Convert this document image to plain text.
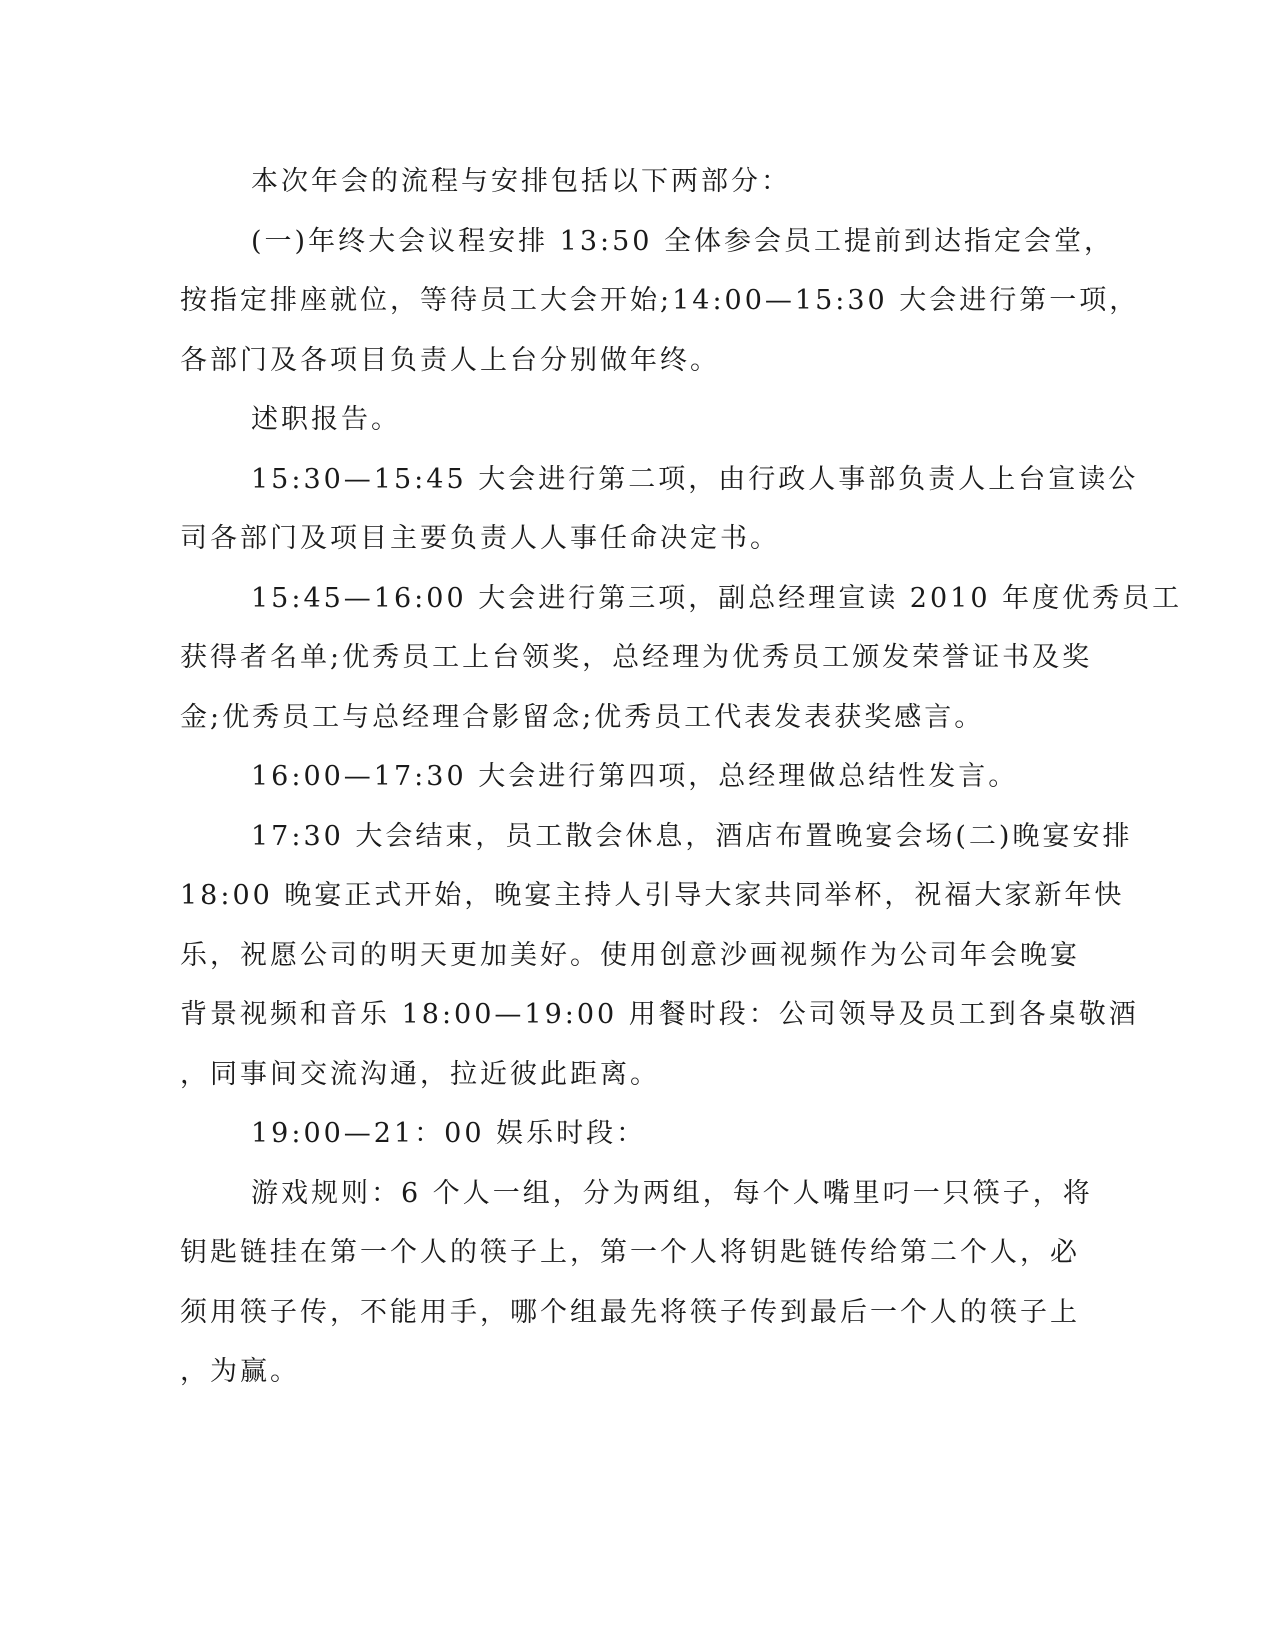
本次年会的流程与安排包括以下两部分：
(一)年终大会议程安排 13:50 全体参会员工提前到达指定会堂，
按指定排座就位，等待员工大会开始;14:00—15:30 大会进行第一项，
各部门及各项目负责人上台分别做年终。
述职报告。
15:30—15:45 大会进行第二项，由行政人事部负责人上台宣读公
司各部门及项目主要负责人人事任命决定书。
15:45—16:00 大会进行第三项，副总经理宣读 2010 年度优秀员工
获得者名单;优秀员工上台领奖，总经理为优秀员工颁发荣誉证书及奖
金;优秀员工与总经理合影留念;优秀员工代表发表获奖感言。
16:00—17:30 大会进行第四项，总经理做总结性发言。
17:30 大会结束，员工散会休息，酒店布置晚宴会场(二)晚宴安排
18:00 晚宴正式开始，晚宴主持人引导大家共同举杯，祝福大家新年快
乐，祝愿公司的明天更加美好。使用创意沙画视频作为公司年会晚宴
背景视频和音乐 18:00—19:00 用餐时段：公司领导及员工到各桌敬酒
，同事间交流沟通，拉近彼此距离。
19:00—21：00 娱乐时段：
游戏规则：6 个人一组，分为两组，每个人嘴里叼一只筷子，将
钥匙链挂在第一个人的筷子上，第一个人将钥匙链传给第二个人，必
须用筷子传，不能用手，哪个组最先将筷子传到最后一个人的筷子上
，为赢。
